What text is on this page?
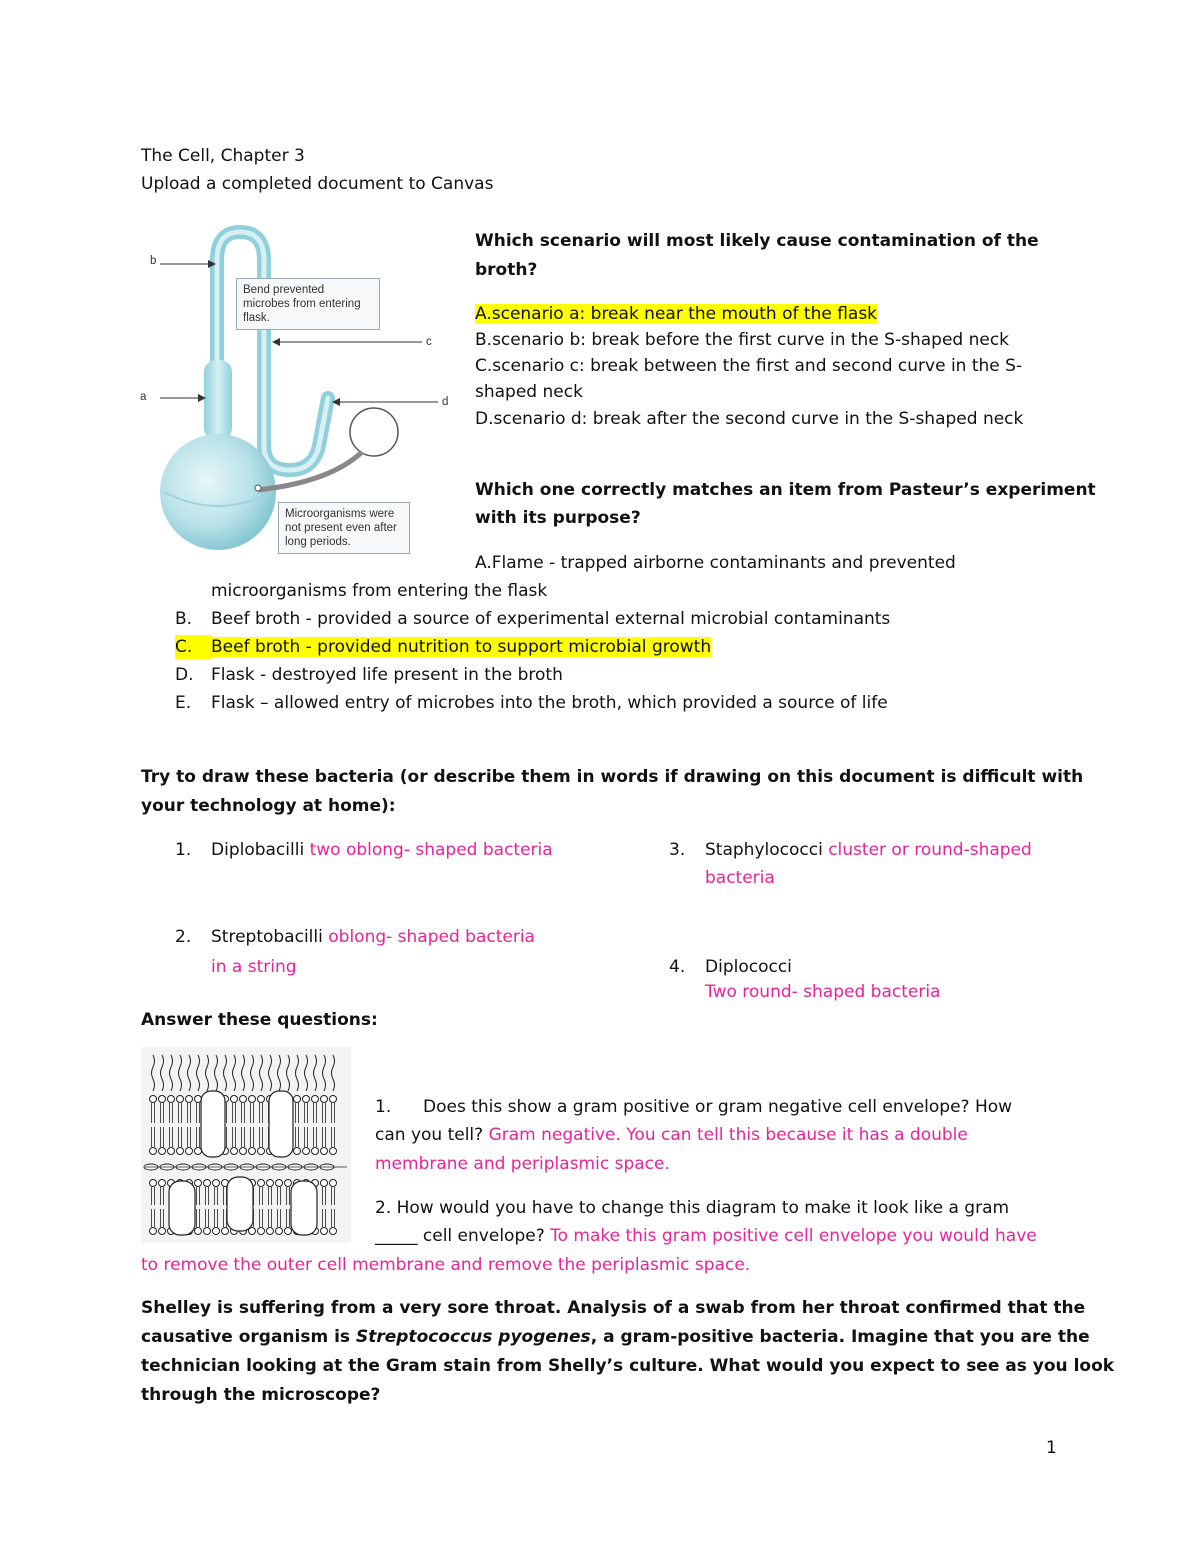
The Cell, Chapter 3
Upload a completed document to Canvas
b
a
c
d
Bend prevented microbes from entering flask.
Microorganisms were not present even after long periods.
Which scenario will most likely cause contamination of the
broth?
A.scenario a: break near the mouth of the flask
B.scenario b: break before the first curve in the S-shaped neck
C.scenario c: break between the first and second curve in the S-
shaped neck
D.scenario d: break after the second curve in the S-shaped neck
Which one correctly matches an item from Pasteur’s experiment
with its purpose?
A.Flame - trapped airborne contaminants and prevented
microorganisms from entering the flask
B. Beef broth - provided a source of experimental external microbial contaminants
C. Beef broth - provided nutrition to support microbial growth
D. Flask - destroyed life present in the broth
E. Flask – allowed entry of microbes into the broth, which provided a source of life
Try to draw these bacteria (or describe them in words if drawing on this document is difficult with
your technology at home):
1. Diplobacilli two oblong- shaped bacteria	3. Staphylococci cluster or round-shaped
bacteria
2. Streptobacilli oblong- shaped bacteria
in a string	4. Diplococci
Two round- shaped bacteria
Answer these questions:
1. Does this show a gram positive or gram negative cell envelope? How
can you tell? Gram negative. You can tell this because it has a double
membrane and periplasmic space.
2. How would you have to change this diagram to make it look like a gram
_____ cell envelope? To make this gram positive cell envelope you would have
to remove the outer cell membrane and remove the periplasmic space.
Shelley is suffering from a very sore throat. Analysis of a swab from her throat confirmed that the
causative organism is Streptococcus pyogenes, a gram-positive bacteria. Imagine that you are the
technician looking at the Gram stain from Shelly’s culture. What would you expect to see as you look
through the microscope?
1
